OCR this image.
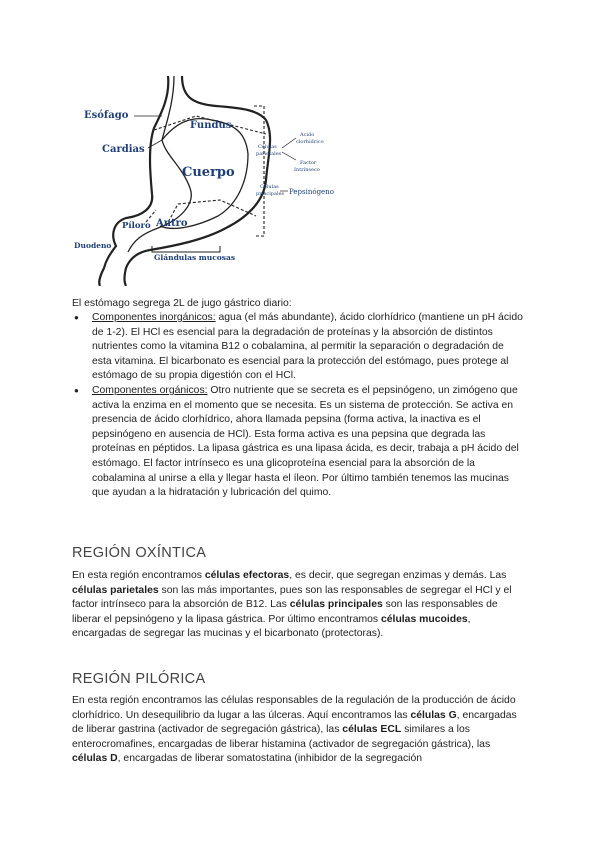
Esófago
Cardias
Fundus
Cuerpo
Píloro Antro
Duodeno
Glándulas mucosas
Células
parietales
Ácido
clorhídrico
Factor
Intrínseco
Células
principales Pepsinógeno
El estómago segrega 2L de jugo gástrico diario:
● Componentes inorgánicos: agua (el más abundante), ácido clorhídrico (mantiene un pH ácido de 1-2). El HCl es esencial para la degradación de proteínas y la absorción de distintos nutrientes como la vitamina B12 o cobalamina, al permitir la separación o degradación de esta vitamina. El bicarbonato es esencial para la protección del estómago, pues protege al estómago de su propia digestión con el HCl.
● Componentes orgánicos: Otro nutriente que se secreta es el pepsinógeno, un zimógeno que activa la enzima en el momento que se necesita. Es un sistema de protección. Se activa en presencia de ácido clorhídrico, ahora llamada pepsina (forma activa, la inactiva es el pepsinógeno en ausencia de HCl). Esta forma activa es una pepsina que degrada las proteínas en péptidos. La lipasa gástrica es una lipasa ácida, es decir, trabaja a pH ácido del estómago. El factor intrínseco es una glicoproteína esencial para la absorción de la cobalamina al unirse a ella y llegar hasta el íleon. Por último también tenemos las mucinas que ayudan a la hidratación y lubricación del quimo.
REGIÓN OXÍNTICA
En esta región encontramos células efectoras, es decir, que segregan enzimas y demás. Las células parietales son las más importantes, pues son las responsables de segregar el HCl y el factor intrínseco para la absorción de B12. Las células principales son las responsables de liberar el pepsinógeno y la lipasa gástrica. Por último encontramos células mucoides, encargadas de segregar las mucinas y el bicarbonato (protectoras).
REGIÓN PILÓRICA
En esta región encontramos las células responsables de la regulación de la producción de ácido clorhídrico. Un desequilibrio da lugar a las úlceras. Aquí encontramos las células G, encargadas de liberar gastrina (activador de segregación gástrica), las células ECL similares a los enterocromafines, encargadas de liberar histamina (activador de segregación gástrica), las células D, encargadas de liberar somatostatina (inhibidor de la segregación
